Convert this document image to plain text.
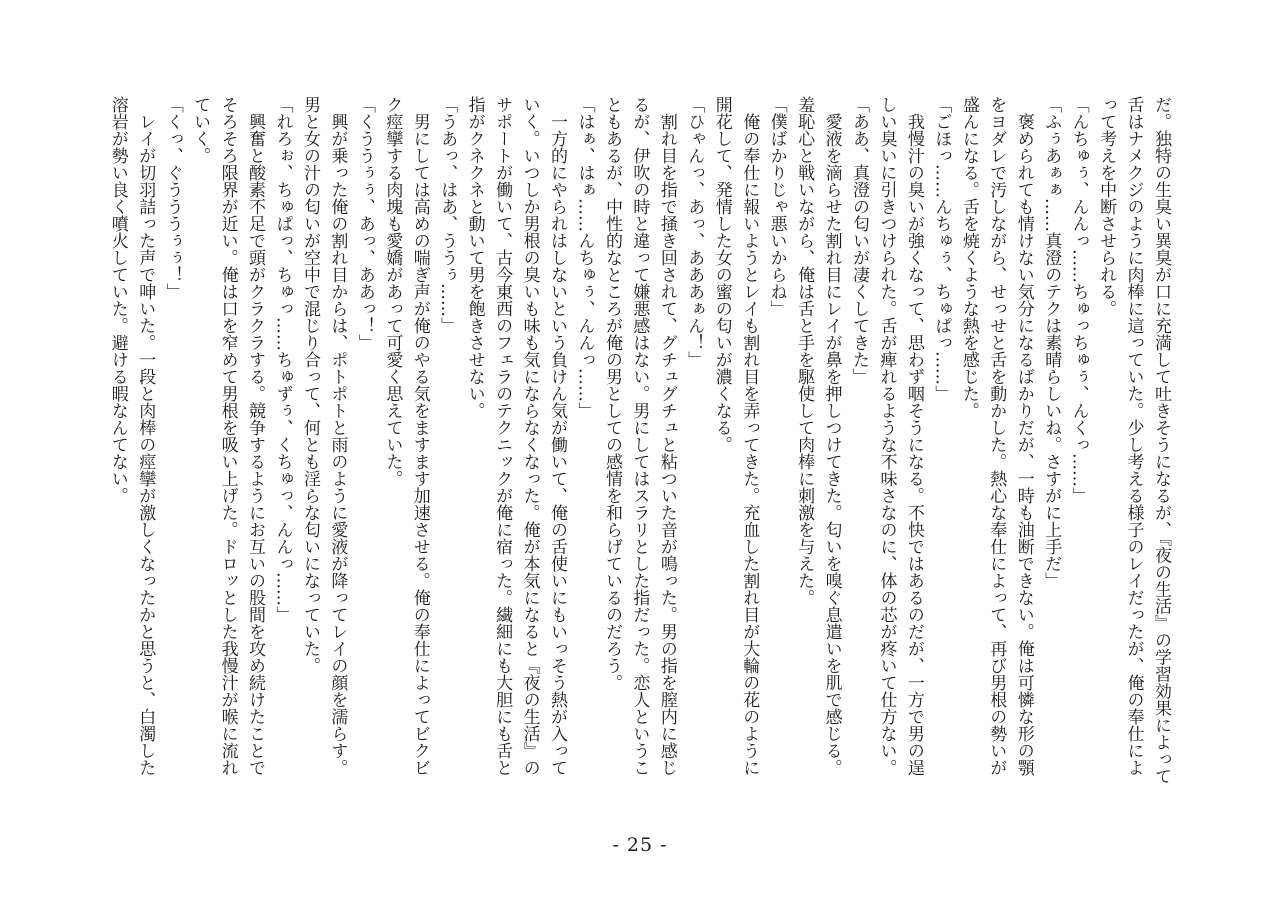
だ。独特の生臭い異臭が口に充満して吐きそうになるが、『夜の生活』の学習効果によって
舌はナメクジのように肉棒に這っていた。少し考える様子のレイだったが、俺の奉仕によ
って考えを中断させられる。
「んちゅぅ、んんっ……ちゅっちゅぅ、んくっ……」
「ふぅあぁぁ……真澄のテクは素晴らしいね。さすがに上手だ」
　褒められても情けない気分になるばかりだが、一時も油断できない。俺は可憐な形の顎
をヨダレで汚しながら、せっせと舌を動かした。熱心な奉仕によって、再び男根の勢いが
盛んになる。舌を焼くような熱を感じた。
「ごほっ……んちゅぅ、ちゅぱっ……」
　我慢汁の臭いが強くなって、思わず咽そうになる。不快ではあるのだが、一方で男の逞
しい臭いに引きつけられた。舌が痺れるような不味さなのに、体の芯が疼いて仕方ない。
「ああ、真澄の匂いが凄くしてきた」
　愛液を滴らせた割れ目にレイが鼻を押しつけてきた。匂いを嗅ぐ息遣いを肌で感じる。
羞恥心と戦いながら、俺は舌と手を駆使して肉棒に刺激を与えた。
「僕ばかりじゃ悪いからね」
　俺の奉仕に報いようとレイも割れ目を弄ってきた。充血した割れ目が大輪の花のように
開花して、発情した女の蜜の匂いが濃くなる。
「ひゃんっ、あっ、あああぁん！」
　割れ目を指で掻き回されて、グチュグチュと粘ついた音が鳴った。男の指を膣内に感じ
るが、伊吹の時と違って嫌悪感はない。男にしてはスラリとした指だった。恋人というこ
ともあるが、中性的なところが俺の男としての感情を和らげているのだろう。
「はぁ、はぁ……んちゅぅ、んんっ……」
　一方的にやられはしないという負けん気が働いて、俺の舌使いにもいっそう熱が入って
いく。いつしか男根の臭いも味も気にならなくなった。俺が本気になると『夜の生活』の
サポートが働いて、古今東西のフェラのテクニックが俺に宿った。繊細にも大胆にも舌と
指がクネクネと動いて男を飽きさせない。
「うあっ、はあ、ううぅ……」
　男にしては高めの喘ぎ声が俺のやる気をますます加速させる。俺の奉仕によってビクビ
ク痙攣する肉塊も愛嬌があって可愛く思えていた。
「くううぅぅ、あっ、ああっ！」
　興が乗った俺の割れ目からは、ポトポトと雨のように愛液が降ってレイの顔を濡らす。
男と女の汁の匂いが空中で混じり合って、何とも淫らな匂いになっていた。
「れろぉ、ちゅぱっ、ちゅっ……ちゅずぅ、くちゅっ、んんっ……」
　興奮と酸素不足で頭がクラクラする。競争するようにお互いの股間を攻め続けたことで
そろそろ限界が近い。俺は口を窄めて男根を吸い上げた。ドロッとした我慢汁が喉に流れ
ていく。
「くっ、ぐうううぅぅ！」
　レイが切羽詰った声で呻いた。一段と肉棒の痙攣が激しくなったかと思うと、白濁した
溶岩が勢い良く噴火していた。避ける暇なんてない。
- 25 -
